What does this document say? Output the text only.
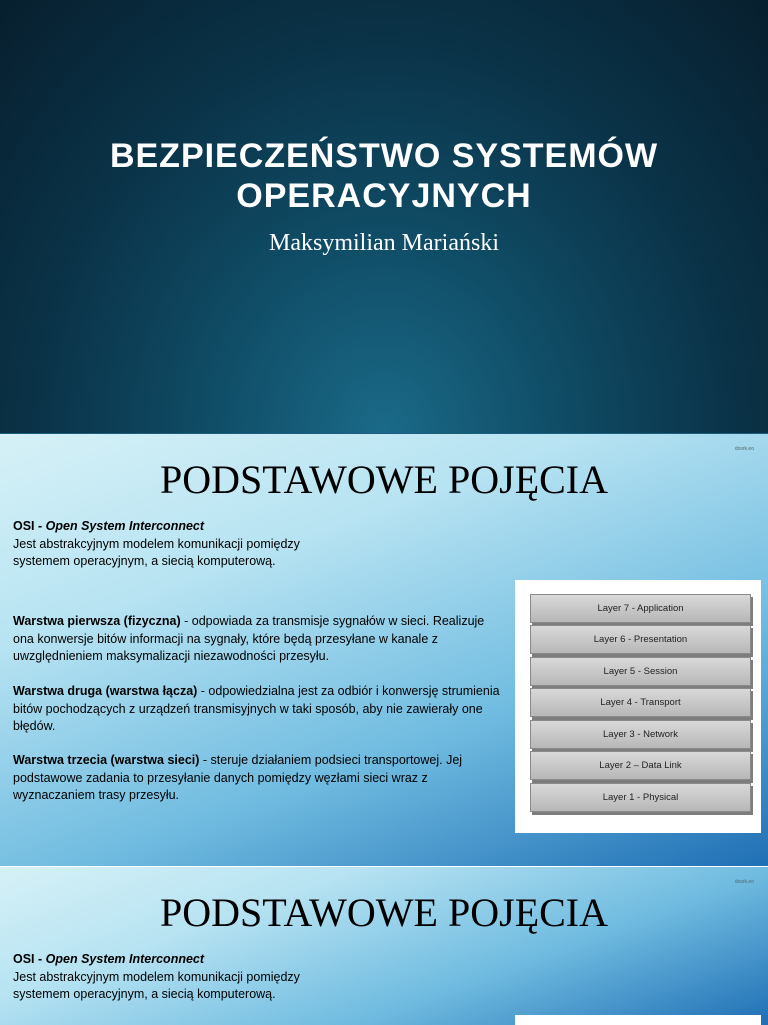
BEZPIECZEŃSTWO SYSTEMÓW
OPERACYJNYCH
Maksymilian Mariański
dosrk.eo
PODSTAWOWE POJĘCIA

OSI - Open System Interconnect

Jest abstrakcyjnym modelem komunikacji pomiędzy

systemem operacyjnym, a siecią komputerową.

Warstwa pierwsza (fizyczna) - odpowiada za transmisje sygnałów w sieci. Realizuje ona konwersje bitów informacji na sygnały, które będą przesyłane w kanale z uwzględnieniem maksymalizacji niezawodności przesyłu.

Warstwa druga (warstwa łącza) - odpowiedzialna jest za odbiór i konwersję strumienia bitów pochodzących z urządzeń transmisyjnych w taki sposób, aby nie zawierały one błędów.

Warstwa trzecia (warstwa sieci) - steruje działaniem podsieci transportowej. Jej podstawowe zadania to przesyłanie danych pomiędzy węzłami sieci wraz z wyznaczaniem trasy przesyłu.

Layer 7 - Application
Layer 6 - Presentation
Layer 5 - Session
Layer 4 - Transport
Layer 3 - Network
Layer 2 – Data Link
Layer 1 - Physical
dosrk.eo
PODSTAWOWE POJĘCIA

OSI - Open System Interconnect

Jest abstrakcyjnym modelem komunikacji pomiędzy

systemem operacyjnym, a siecią komputerową.
